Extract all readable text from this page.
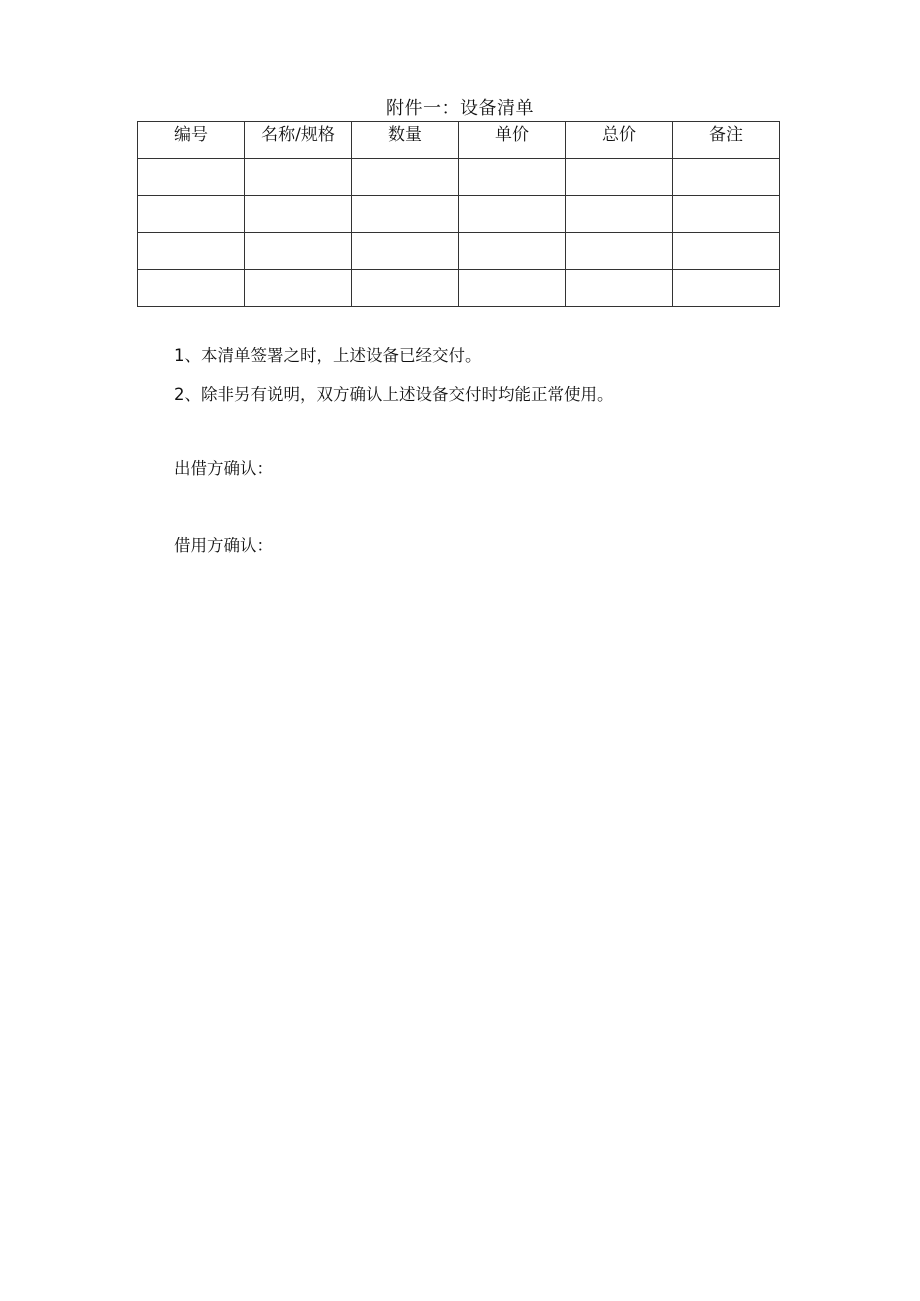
附件一：设备清单
编号	名称/规格	数量	单价	总价	备注

1、本清单签署之时，上述设备已经交付。
2、除非另有说明，双方确认上述设备交付时均能正常使用。
出借方确认：
借用方确认：
